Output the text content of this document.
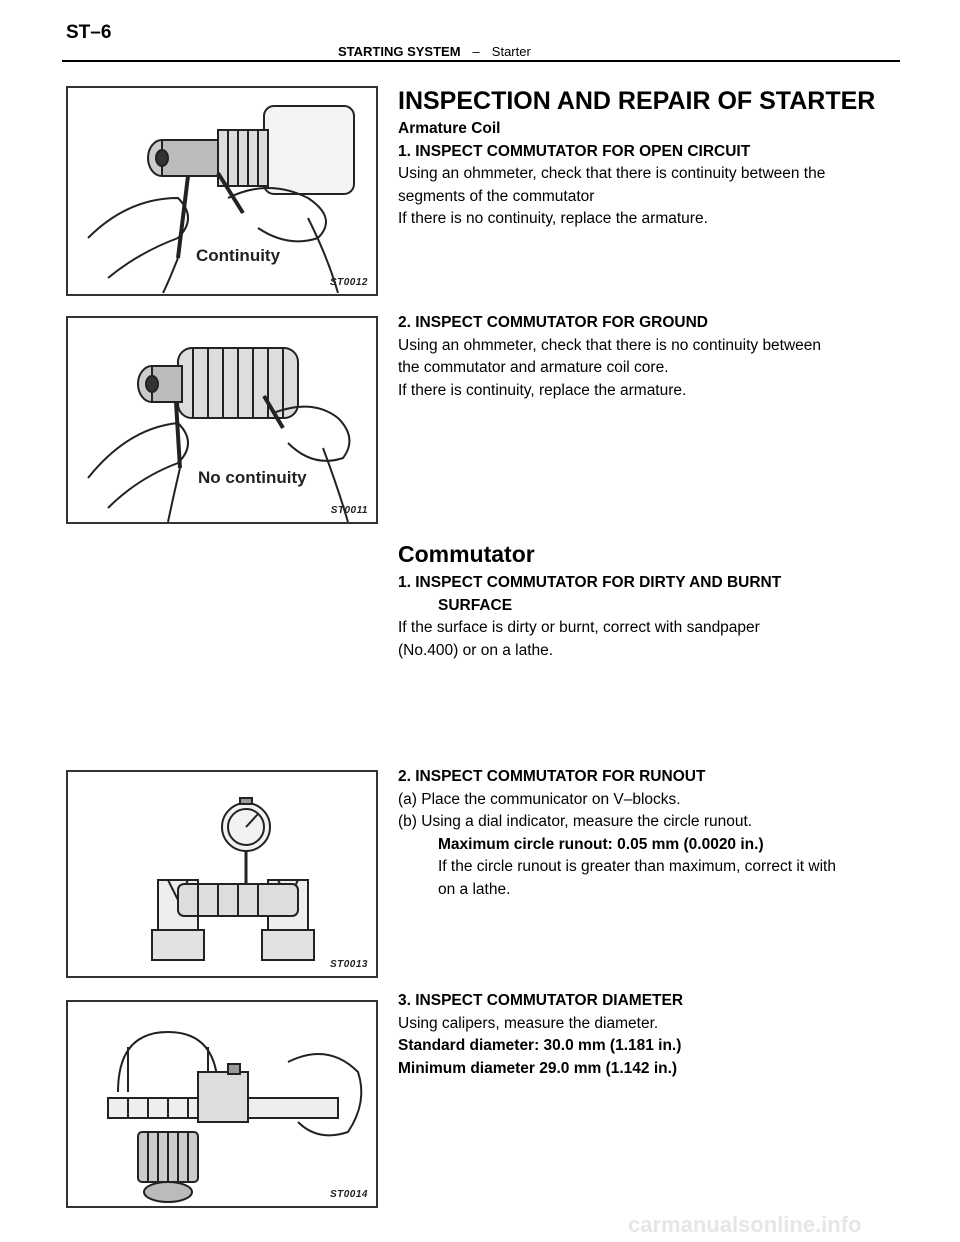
ST–6
STARTING SYSTEM – Starter
Continuity
ST0012
No continuity
ST0011
ST0013
ST0014
INSPECTION AND REPAIR OF STARTER
Armature Coil
1. INSPECT COMMUTATOR FOR OPEN CIRCUIT
Using an ohmmeter, check that there is continuity between the
segments of the commutator
If there is no continuity, replace the armature.
2. INSPECT COMMUTATOR FOR GROUND
Using an ohmmeter, check that there is no continuity between
the commutator and armature coil core.
If there is continuity, replace the armature.
Commutator
1. INSPECT COMMUTATOR FOR DIRTY AND BURNT
SURFACE
If the surface is dirty or burnt, correct with sandpaper
(No.400) or on a lathe.
2. INSPECT COMMUTATOR FOR RUNOUT
(a) Place the communicator on V–blocks.
(b) Using a dial indicator, measure the circle runout.
Maximum circle runout: 0.05 mm (0.0020 in.)
If the circle runout is greater than maximum, correct it with
on a lathe.
3. INSPECT COMMUTATOR DIAMETER
Using calipers, measure the diameter.
Standard diameter: 30.0 mm (1.181 in.)
Minimum diameter 29.0 mm (1.142 in.)
carmanualsonline.info
